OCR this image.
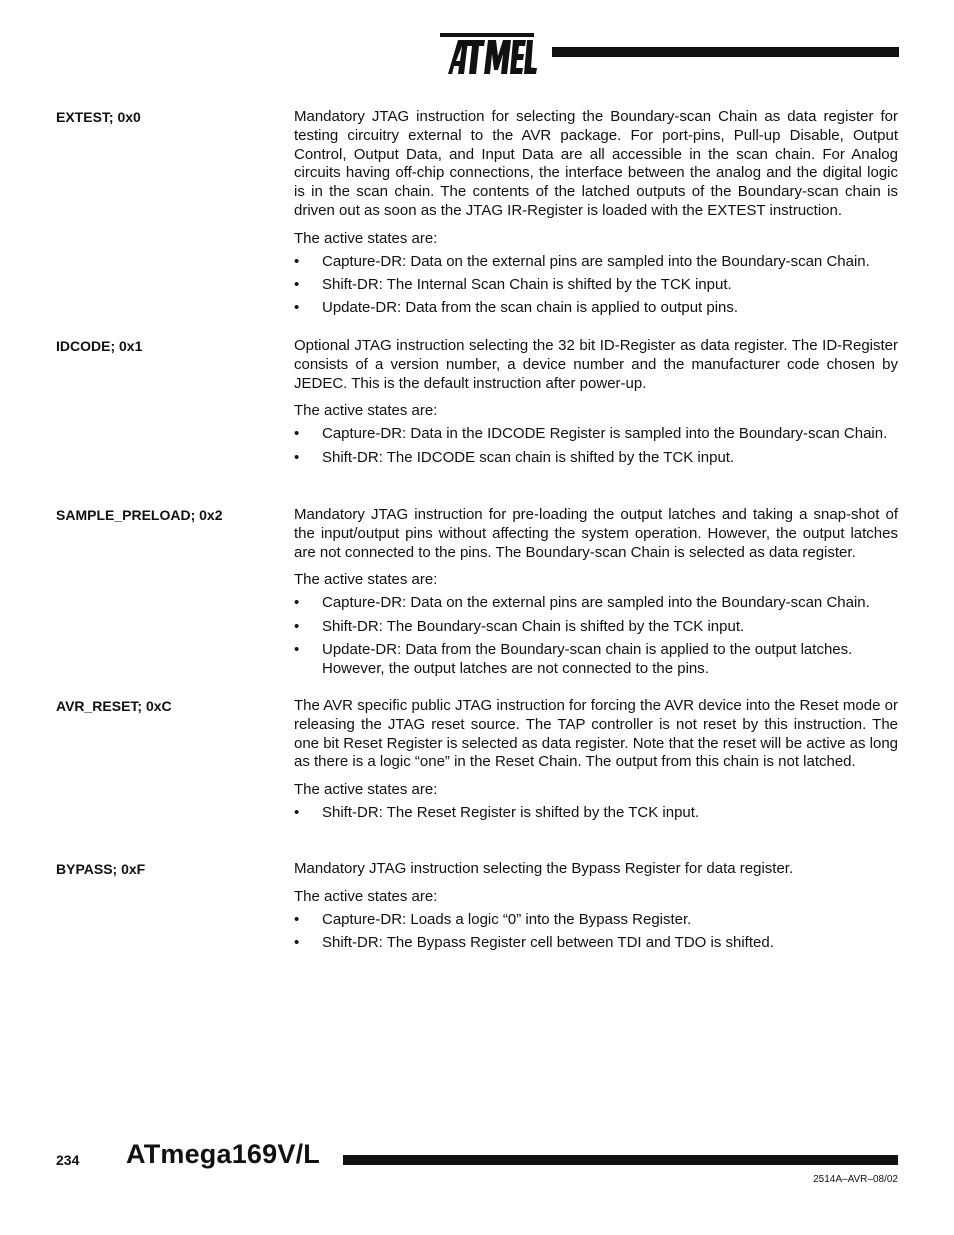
®
EXTEST; 0x0	Mandatory JTAG instruction for selecting the Boundary-scan Chain as data register for testing circuitry external to the AVR package. For port-pins, Pull-up Disable, Output Control, Output Data, and Input Data are all accessible in the scan chain. For Analog circuits having off-chip connections, the interface between the analog and the digital logic is in the scan chain. The contents of the latched outputs of the Boundary-scan chain is driven out as soon as the JTAG IR-Register is loaded with the EXTEST instruction.

The active states are:
• Capture-DR: Data on the external pins are sampled into the Boundary-scan Chain.
• Shift-DR: The Internal Scan Chain is shifted by the TCK input.
• Update-DR: Data from the scan chain is applied to output pins.
IDCODE; 0x1	Optional JTAG instruction selecting the 32 bit ID-Register as data register. The ID-Register consists of a version number, a device number and the manufacturer code chosen by JEDEC. This is the default instruction after power-up.

The active states are:
• Capture-DR: Data in the IDCODE Register is sampled into the Boundary-scan Chain.
• Shift-DR: The IDCODE scan chain is shifted by the TCK input.
SAMPLE_PRELOAD; 0x2	Mandatory JTAG instruction for pre-loading the output latches and taking a snap-shot of the input/output pins without affecting the system operation. However, the output latches are not connected to the pins. The Boundary-scan Chain is selected as data register.

The active states are:
• Capture-DR: Data on the external pins are sampled into the Boundary-scan Chain.
• Shift-DR: The Boundary-scan Chain is shifted by the TCK input.
• Update-DR: Data from the Boundary-scan chain is applied to the output latches. However, the output latches are not connected to the pins.
AVR_RESET; 0xC	The AVR specific public JTAG instruction for forcing the AVR device into the Reset mode or releasing the JTAG reset source. The TAP controller is not reset by this instruction. The one bit Reset Register is selected as data register. Note that the reset will be active as long as there is a logic “one” in the Reset Chain. The output from this chain is not latched.

The active states are:
• Shift-DR: The Reset Register is shifted by the TCK input.
BYPASS; 0xF	Mandatory JTAG instruction selecting the Bypass Register for data register.

The active states are:
• Capture-DR: Loads a logic “0” into the Bypass Register.
• Shift-DR: The Bypass Register cell between TDI and TDO is shifted.
234 ATmega169V/L
2514A–AVR–08/02
